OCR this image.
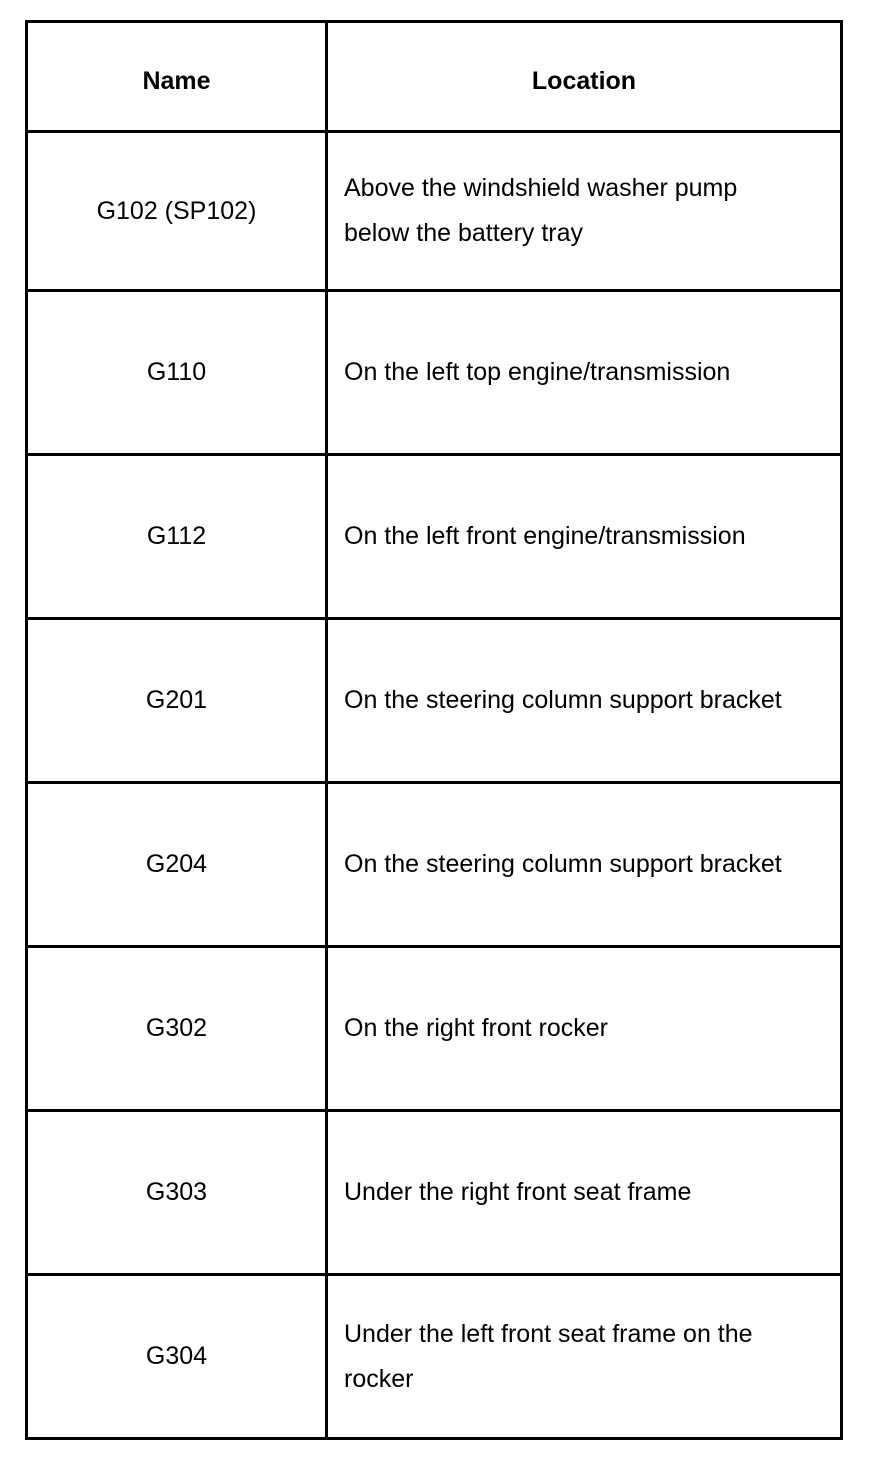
Name	Location
G102 (SP102)	Above the windshield washer pump below the battery tray
G110	On the left top engine/transmission
G112	On the left front engine/transmission
G201	On the steering column support bracket
G204	On the steering column support bracket
G302	On the right front rocker
G303	Under the right front seat frame
G304	Under the left front seat frame on the rocker
